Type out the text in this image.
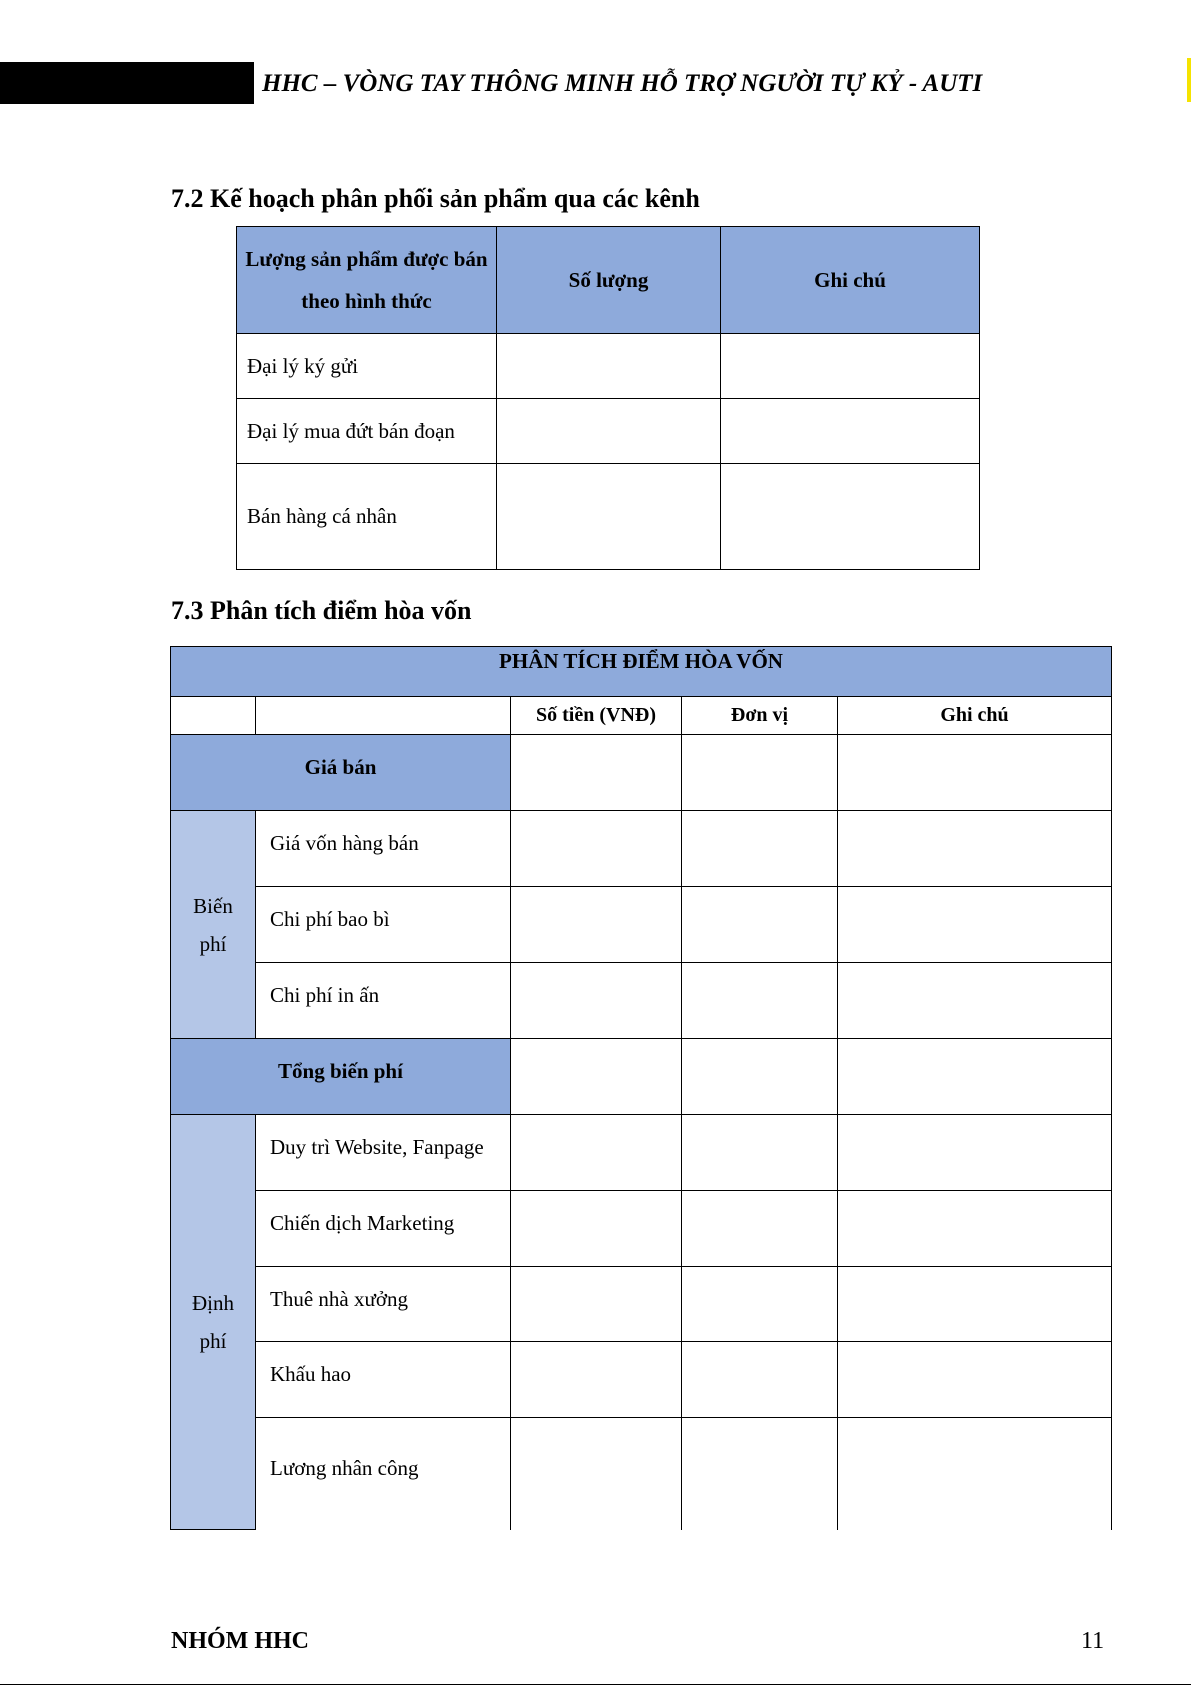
HHC – VÒNG TAY THÔNG MINH HỖ TRỢ NGƯỜI TỰ KỶ - AUTI
7.2 Kế hoạch phân phối sản phẩm qua các kênh
Lượng sản phẩm được bán theo hình thức	Số lượng	Ghi chú
Đại lý ký gửi		
Đại lý mua đứt bán đoạn		
Bán hàng cá nhân		
7.3 Phân tích điểm hòa vốn
PHÂN TÍCH ĐIỂM HÒA VỐN				
		Số tiền (VNĐ)	Đơn vị	Ghi chú
Giá bán				
Biến phí	Giá vốn hàng bán			
	Chi phí bao bì			
	Chi phí in ấn			
Tổng biến phí				
Định phí	Duy trì Website, Fanpage			
	Chiến dịch Marketing			
	Thuê nhà xưởng			
	Khấu hao			
	Lương nhân công			
NHÓM HHC	11
